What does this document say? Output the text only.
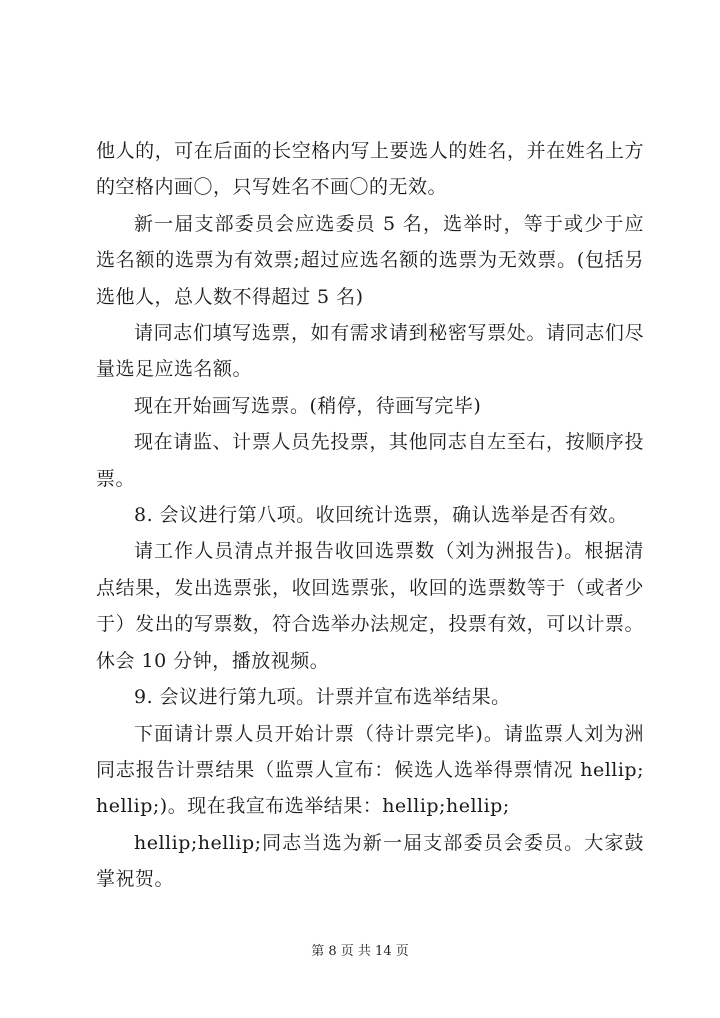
他人的，可在后面的长空格内写上要选人的姓名，并在姓名上方的空格内画〇，只写姓名不画〇的无效。

新一届支部委员会应选委员 5 名，选举时，等于或少于应选名额的选票为有效票;超过应选名额的选票为无效票。(包括另选他人，总人数不得超过 5 名)

请同志们填写选票，如有需求请到秘密写票处。请同志们尽量选足应选名额。

现在开始画写选票。(稍停，待画写完毕)

现在请监、计票人员先投票，其他同志自左至右，按顺序投票。

8. 会议进行第八项。收回统计选票，确认选举是否有效。

请工作人员清点并报告收回选票数（刘为洲报告)。根据清点结果，发出选票张，收回选票张，收回的选票数等于（或者少于）发出的写票数，符合选举办法规定，投票有效，可以计票。休会 10 分钟，播放视频。

9. 会议进行第九项。计票并宣布选举结果。

下面请计票人员开始计票（待计票完毕)。请监票人刘为洲同志报告计票结果（监票人宣布：候选人选举得票情况 hellip;hellip;)。现在我宣布选举结果：hellip;hellip;

hellip;hellip;同志当选为新一届支部委员会委员。大家鼓掌祝贺。

第 8 页 共 14 页
